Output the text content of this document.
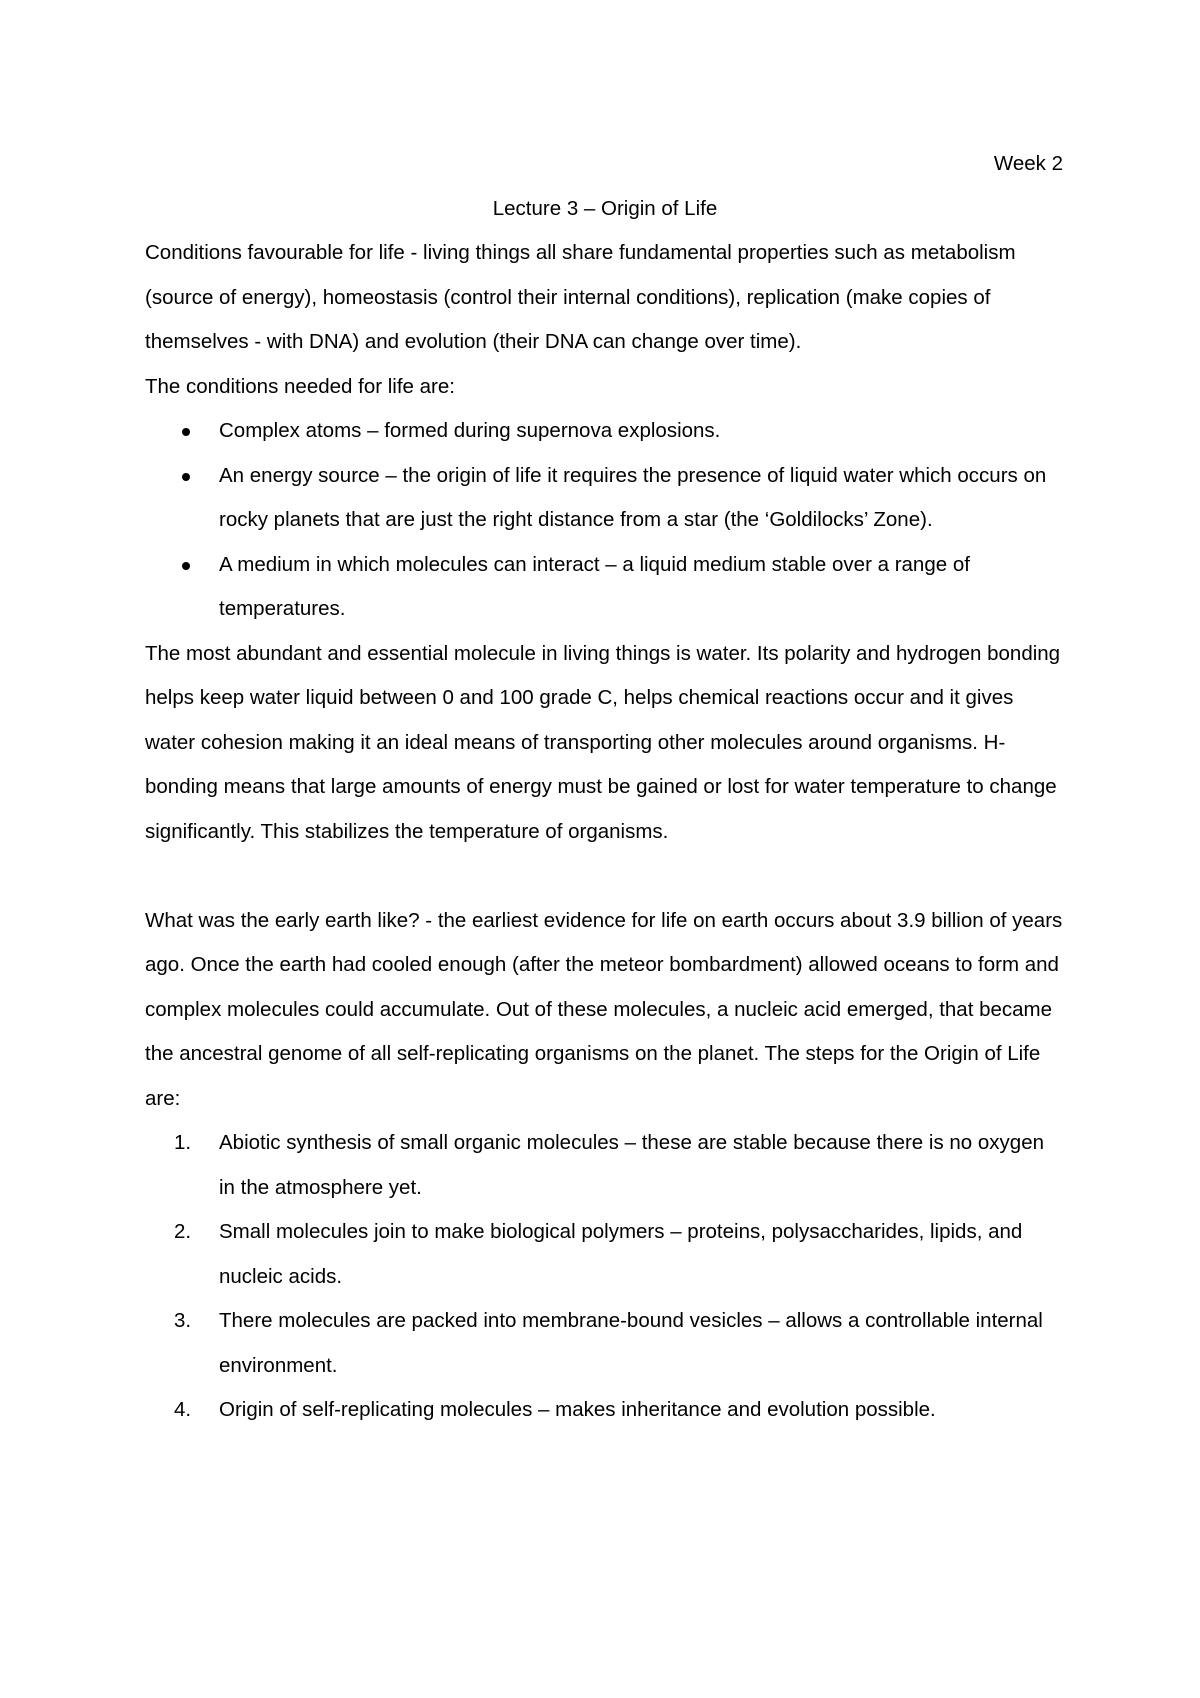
Week 2

Lecture 3 – Origin of Life

Conditions favourable for life - living things all share fundamental properties such as metabolism (source of energy), homeostasis (control their internal conditions), replication (make copies of themselves - with DNA) and evolution (their DNA can change over time).

The conditions needed for life are:

Complex atoms – formed during supernova explosions.
An energy source – the origin of life it requires the presence of liquid water which occurs on rocky planets that are just the right distance from a star (the ‘Goldilocks’ Zone).
A medium in which molecules can interact – a liquid medium stable over a range of temperatures.

The most abundant and essential molecule in living things is water. Its polarity and hydrogen bonding helps keep water liquid between 0 and 100 grade C, helps chemical reactions occur and it gives water cohesion making it an ideal means of transporting other molecules around organisms. H-bonding means that large amounts of energy must be gained or lost for water temperature to change significantly. This stabilizes the temperature of organisms.

What was the early earth like? - the earliest evidence for life on earth occurs about 3.9 billion of years ago. Once the earth had cooled enough (after the meteor bombardment) allowed oceans to form and complex molecules could accumulate. Out of these molecules, a nucleic acid emerged, that became the ancestral genome of all self-replicating organisms on the planet. The steps for the Origin of Life are:

1. Abiotic synthesis of small organic molecules – these are stable because there is no oxygen in the atmosphere yet.
2. Small molecules join to make biological polymers – proteins, polysaccharides, lipids, and nucleic acids.
3. There molecules are packed into membrane-bound vesicles – allows a controllable internal environment.
4. Origin of self-replicating molecules – makes inheritance and evolution possible.
